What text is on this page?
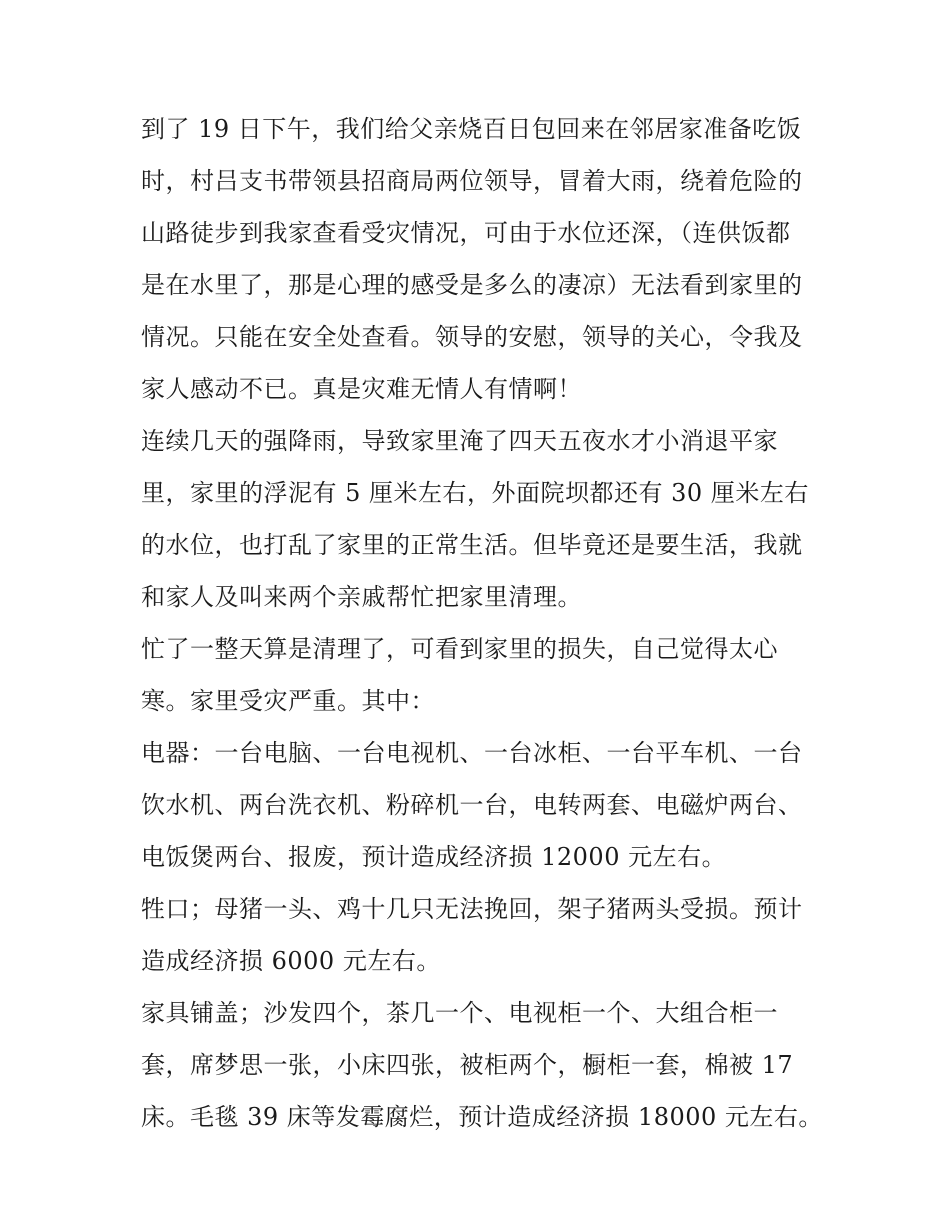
到了 19 日下午，我们给父亲烧百日包回来在邻居家准备吃饭
时，村吕支书带领县招商局两位领导，冒着大雨，绕着危险的
山路徒步到我家查看受灾情况，可由于水位还深，（连供饭都
是在水里了，那是心理的感受是多么的凄凉）无法看到家里的
情况。只能在安全处查看。领导的安慰，领导的关心，令我及
家人感动不已。真是灾难无情人有情啊！
连续几天的强降雨，导致家里淹了四天五夜水才小消退平家
里，家里的浮泥有 5 厘米左右，外面院坝都还有 30 厘米左右
的水位，也打乱了家里的正常生活。但毕竟还是要生活，我就
和家人及叫来两个亲戚帮忙把家里清理。
忙了一整天算是清理了，可看到家里的损失，自己觉得太心
寒。家里受灾严重。其中：
电器：一台电脑、一台电视机、一台冰柜、一台平车机、一台
饮水机、两台洗衣机、粉碎机一台，电转两套、电磁炉两台、
电饭煲两台、报废，预计造成经济损 12000 元左右。
牲口；母猪一头、鸡十几只无法挽回，架子猪两头受损。预计
造成经济损 6000 元左右。
家具铺盖；沙发四个，茶几一个、电视柜一个、大组合柜一
套，席梦思一张，小床四张，被柜两个，橱柜一套，棉被 17
床。毛毯 39 床等发霉腐烂，预计造成经济损 18000 元左右。
